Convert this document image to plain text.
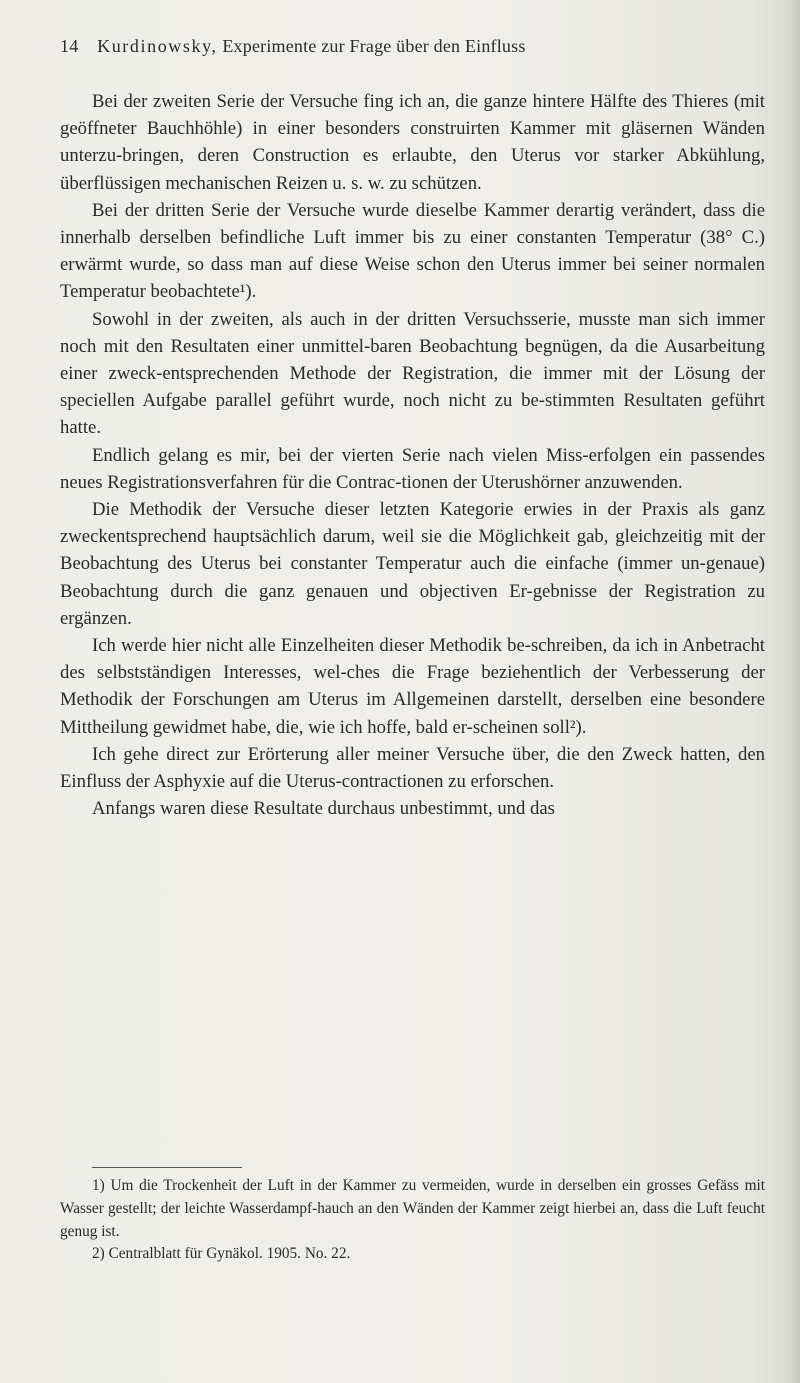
14 Kurdinowsky, Experimente zur Frage über den Einfluss

Bei der zweiten Serie der Versuche fing ich an, die ganze hintere Hälfte des Thieres (mit geöffneter Bauchhöhle) in einer besonders construirten Kammer mit gläsernen Wänden unterzu-bringen, deren Construction es erlaubte, den Uterus vor starker Abkühlung, überflüssigen mechanischen Reizen u. s. w. zu schützen.

Bei der dritten Serie der Versuche wurde dieselbe Kammer derartig verändert, dass die innerhalb derselben befindliche Luft immer bis zu einer constanten Temperatur (38° C.) erwärmt wurde, so dass man auf diese Weise schon den Uterus immer bei seiner normalen Temperatur beobachtete¹).

Sowohl in der zweiten, als auch in der dritten Versuchsserie, musste man sich immer noch mit den Resultaten einer unmittel-baren Beobachtung begnügen, da die Ausarbeitung einer zweck-entsprechenden Methode der Registration, die immer mit der Lösung der speciellen Aufgabe parallel geführt wurde, noch nicht zu be-stimmten Resultaten geführt hatte.

Endlich gelang es mir, bei der vierten Serie nach vielen Miss-erfolgen ein passendes neues Registrationsverfahren für die Contrac-tionen der Uterushörner anzuwenden.

Die Methodik der Versuche dieser letzten Kategorie erwies in der Praxis als ganz zweckentsprechend hauptsächlich darum, weil sie die Möglichkeit gab, gleichzeitig mit der Beobachtung des Uterus bei constanter Temperatur auch die einfache (immer un-genaue) Beobachtung durch die ganz genauen und objectiven Er-gebnisse der Registration zu ergänzen.

Ich werde hier nicht alle Einzelheiten dieser Methodik be-schreiben, da ich in Anbetracht des selbstständigen Interesses, wel-ches die Frage beziehentlich der Verbesserung der Methodik der Forschungen am Uterus im Allgemeinen darstellt, derselben eine besondere Mittheilung gewidmet habe, die, wie ich hoffe, bald er-scheinen soll²).

Ich gehe direct zur Erörterung aller meiner Versuche über, die den Zweck hatten, den Einfluss der Asphyxie auf die Uterus-contractionen zu erforschen.

Anfangs waren diese Resultate durchaus unbestimmt, und das

1) Um die Trockenheit der Luft in der Kammer zu vermeiden, wurde in derselben ein grosses Gefäss mit Wasser gestellt; der leichte Wasserdampf-hauch an den Wänden der Kammer zeigt hierbei an, dass die Luft feucht genug ist.

2) Centralblatt für Gynäkol. 1905. No. 22.
